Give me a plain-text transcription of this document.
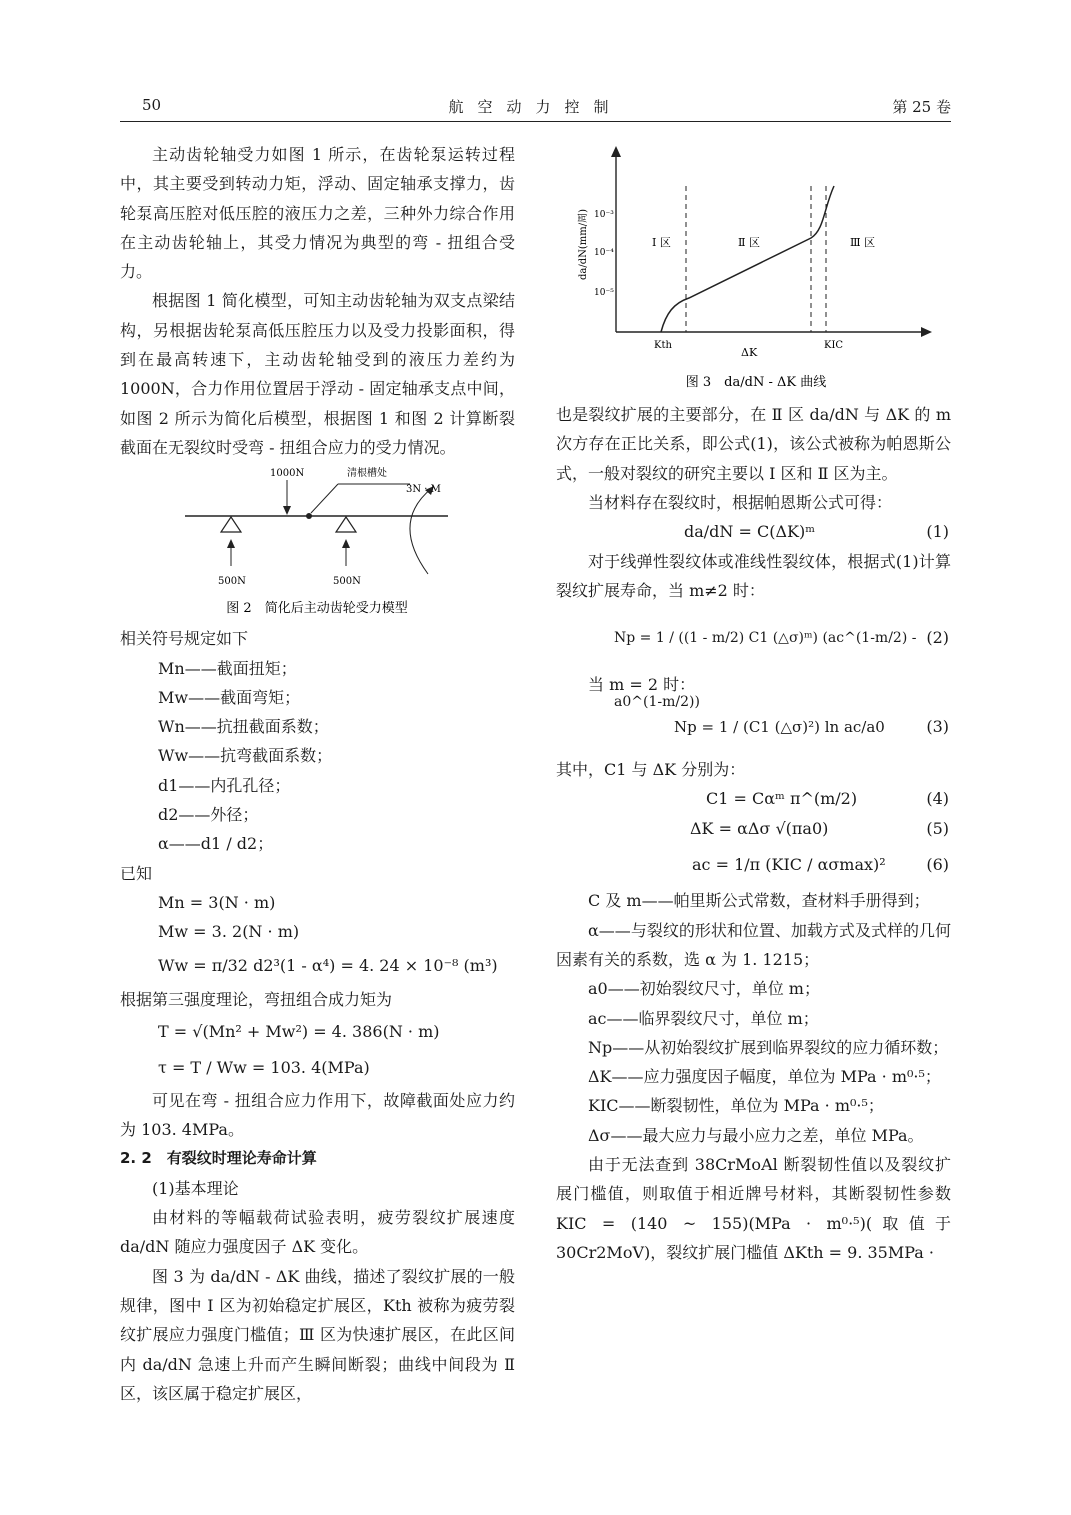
50	航空动力控制	第 25 卷

主动齿轮轴受力如图 1 所示，在齿轮泵运转过程中，其主要受到转动力矩，浮动、固定轴承支撑力，齿轮泵高压腔对低压腔的液压力之差，三种外力综合作用在主动齿轮轴上，其受力情况为典型的弯 - 扭组合受力。

根据图 1 简化模型，可知主动齿轮轴为双支点梁结构，另根据齿轮泵高低压腔压力以及受力投影面积，得到在最高转速下，主动齿轮轴受到的液压力差约为 1000N，合力作用位置居于浮动 - 固定轴承支点中间，如图 2 所示为简化后模型，根据图 1 和图 2 计算断裂截面在无裂纹时受弯 - 扭组合应力的受力情况。

1000N	清根槽处
3N · M
500N	500N
图 2　简化后主动齿轮受力模型

相关符号规定如下

Mn——截面扭矩；

Mw——截面弯矩；

Wn——抗扭截面系数；

Ww——抗弯截面系数；

d1——内孔孔径；

d2——外径；

α——d1 / d2；

已知

Mn = 3(N · m)

Mw = 3. 2(N · m)

Ww = π/32 d2³(1 - α⁴) = 4. 24 × 10⁻⁸ (m³)

根据第三强度理论，弯扭组合成力矩为

T = √(Mn² + Mw²) = 4. 386(N · m)

τ = T / Ww = 103. 4(MPa)

可见在弯 - 扭组合应力作用下，故障截面处应力约为 103. 4MPa。

2. 2　有裂纹时理论寿命计算

(1)基本理论

由材料的等幅载荷试验表明，疲劳裂纹扩展速度 da/dN 随应力强度因子 ΔK 变化。

图 3 为 da/dN - ΔK 曲线，描述了裂纹扩展的一般规律，图中 Ⅰ 区为初始稳定扩展区，Kth 被称为疲劳裂纹扩展应力强度门槛值；Ⅲ 区为快速扩展区，在此区间内 da/dN 急速上升而产生瞬间断裂；曲线中间段为 Ⅱ 区，该区属于稳定扩展区，

da/dN(mm/周) 10⁻³
10⁻⁴
10⁻⁵
Ⅰ 区	Ⅱ 区	Ⅲ 区
Kth
ΔK
KIC
图 3　da/dN - ΔK 曲线

也是裂纹扩展的主要部分，在 Ⅱ 区 da/dN 与 ΔK 的 m 次方存在正比关系，即公式(1)，该公式被称为帕恩斯公式，一般对裂纹的研究主要以 Ⅰ 区和 Ⅱ 区为主。

当材料存在裂纹时，根据帕恩斯公式可得：

da/dN = C(ΔK)ᵐ	(1)

对于线弹性裂纹体或准线性裂纹体，根据式(1)计算裂纹扩展寿命，当 m≠2 时：

Np = 1 / ((1 - m/2) C1 (△σ)ᵐ) (ac^(1-m/2) - a0^(1-m/2))
(2)

当 m = 2 时：

Np = 1 / (C1 (△σ)²) ln ac/a0	(3)

其中，C1 与 ΔK 分别为：

C1 = Cαᵐ π^(m/2)	(4)
ΔK = αΔσ √(πa0)	(5)
ac = 1/π (KIC / ασmax)²	(6)

C 及 m——帕里斯公式常数，查材料手册得到；

α——与裂纹的形状和位置、加载方式及式样的几何因素有关的系数，选 α 为 1. 1215；

a0——初始裂纹尺寸，单位 m；

ac——临界裂纹尺寸，单位 m；

Np——从初始裂纹扩展到临界裂纹的应力循环数；

ΔK——应力强度因子幅度，单位为 MPa · m⁰·⁵；

KIC——断裂韧性，单位为 MPa · m⁰·⁵；

Δσ——最大应力与最小应力之差，单位 MPa。

由于无法查到 38CrMoAl 断裂韧性值以及裂纹扩展门槛值，则取值于相近牌号材料，其断裂韧性参数 KIC = (140 ~ 155)(MPa · m⁰·⁵)(取值于 30Cr2MoV)，裂纹扩展门槛值 ΔKth = 9. 35MPa ·
